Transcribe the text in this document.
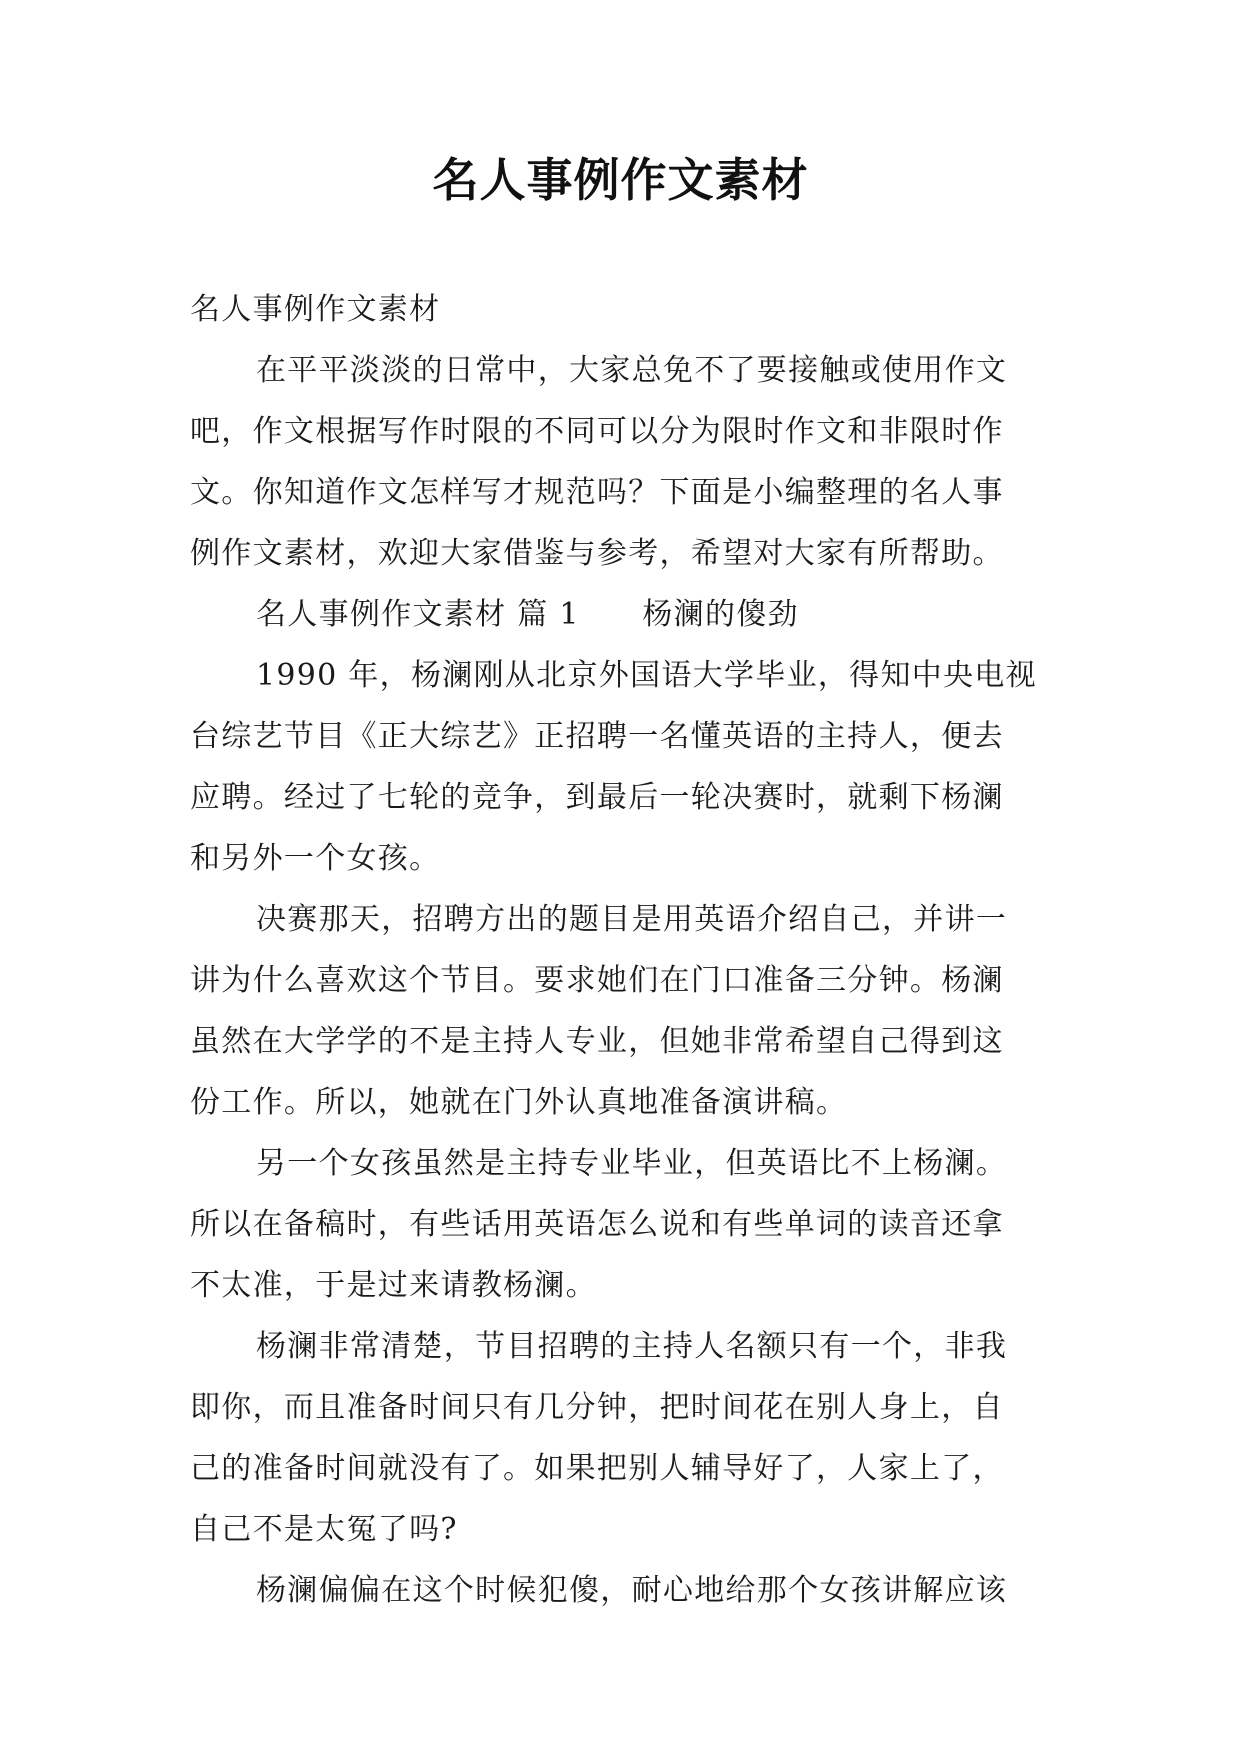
名人事例作文素材
名人事例作文素材
在平平淡淡的日常中，大家总免不了要接触或使用作文
吧，作文根据写作时限的不同可以分为限时作文和非限时作
文。你知道作文怎样写才规范吗？下面是小编整理的名人事
例作文素材，欢迎大家借鉴与参考，希望对大家有所帮助。
名人事例作文素材 篇 1　　杨澜的傻劲
1990 年，杨澜刚从北京外国语大学毕业，得知中央电视
台综艺节目《正大综艺》正招聘一名懂英语的主持人，便去
应聘。经过了七轮的竞争，到最后一轮决赛时，就剩下杨澜
和另外一个女孩。
决赛那天，招聘方出的题目是用英语介绍自己，并讲一
讲为什么喜欢这个节目。要求她们在门口准备三分钟。杨澜
虽然在大学学的不是主持人专业，但她非常希望自己得到这
份工作。所以，她就在门外认真地准备演讲稿。
另一个女孩虽然是主持专业毕业，但英语比不上杨澜。
所以在备稿时，有些话用英语怎么说和有些单词的读音还拿
不太准，于是过来请教杨澜。
杨澜非常清楚，节目招聘的主持人名额只有一个，非我
即你，而且准备时间只有几分钟，把时间花在别人身上，自
己的准备时间就没有了。如果把别人辅导好了，人家上了，
自己不是太冤了吗?
杨澜偏偏在这个时候犯傻，耐心地给那个女孩讲解应该
